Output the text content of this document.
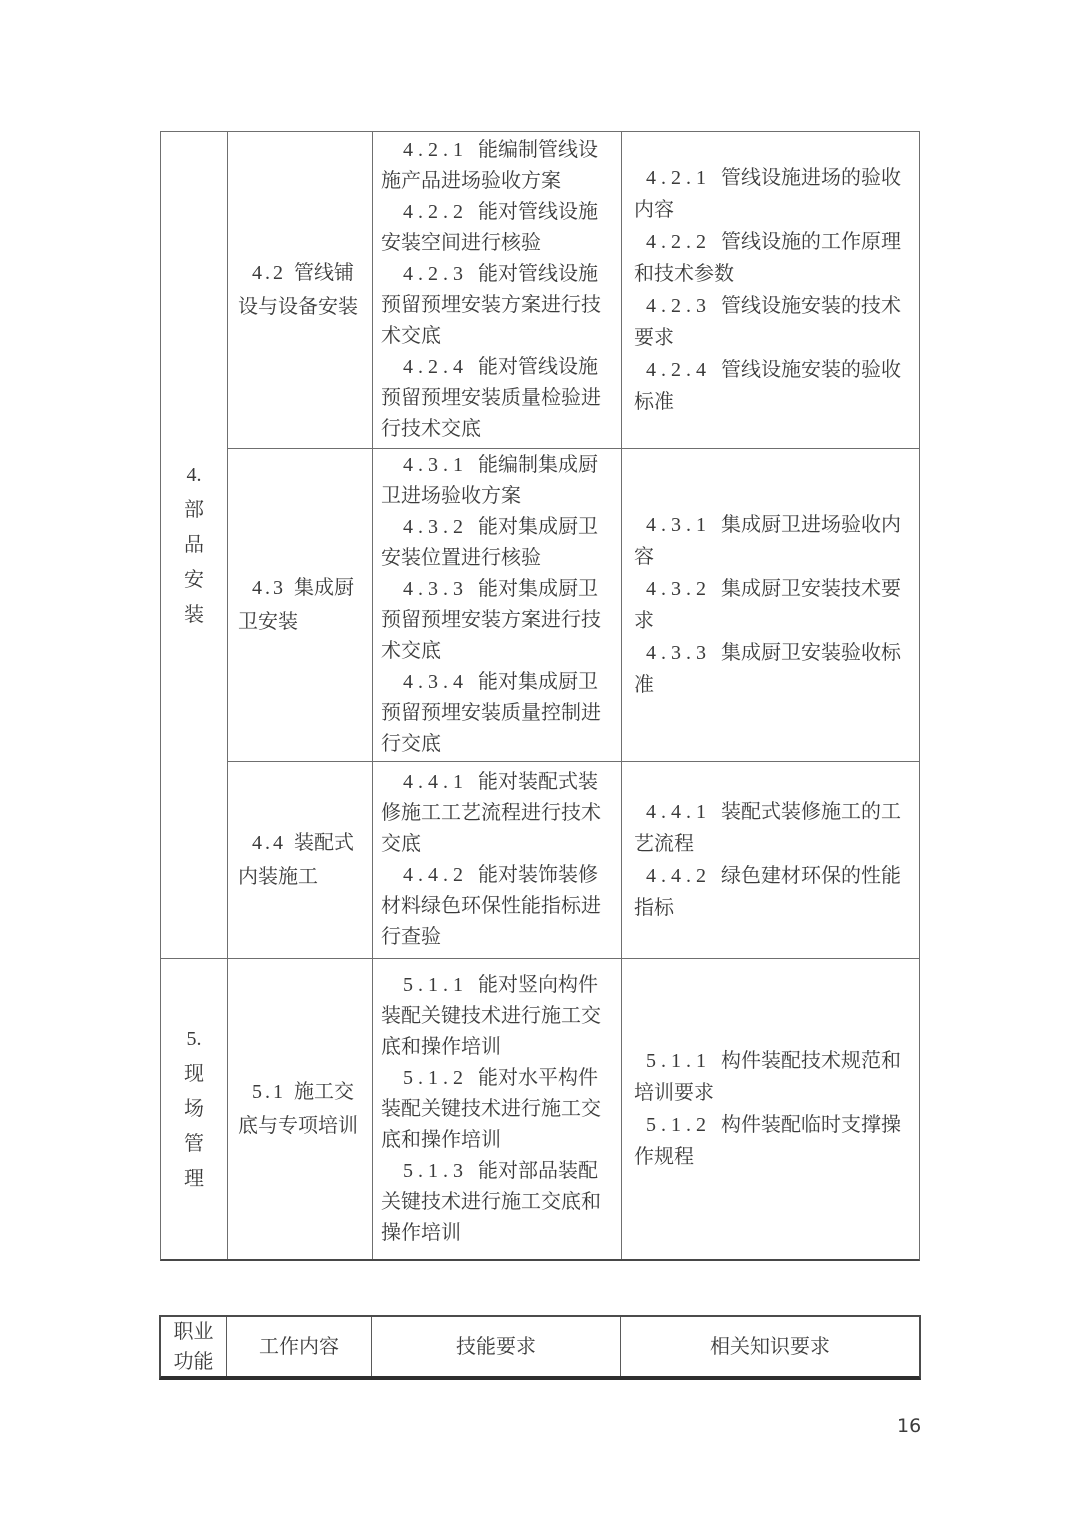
4.
部
品
安
装

4.2 管线铺设与设备安装

4.2.1 能编制管线设施产品进场验收方案

4.2.2 能对管线设施安装空间进行核验

4.2.3 能对管线设施预留预埋安装方案进行技术交底

4.2.4 能对管线设施预留预埋安装质量检验进行技术交底

4.2.1 管线设施进场的验收内容

4.2.2 管线设施的工作原理和技术参数

4.2.3 管线设施安装的技术要求

4.2.4 管线设施安装的验收标准

4.3 集成厨卫安装

4.3.1 能编制集成厨卫进场验收方案

4.3.2 能对集成厨卫安装位置进行核验

4.3.3 能对集成厨卫预留预埋安装方案进行技术交底

4.3.4 能对集成厨卫预留预埋安装质量控制进行交底

4.3.1 集成厨卫进场验收内容

4.3.2 集成厨卫安装技术要求

4.3.3 集成厨卫安装验收标准

4.4 装配式内装施工

4.4.1 能对装配式装修施工工艺流程进行技术交底

4.4.2 能对装饰装修材料绿色环保性能指标进行查验

4.4.1 装配式装修施工的工艺流程

4.4.2 绿色建材环保的性能指标

5.
现
场
管
理

5.1 施工交底与专项培训

5.1.1 能对竖向构件装配关键技术进行施工交底和操作培训

5.1.2 能对水平构件装配关键技术进行施工交底和操作培训

5.1.3 能对部品装配关键技术进行施工交底和操作培训

5.1.1 构件装配技术规范和培训要求

5.1.2 构件装配临时支撑操作规程

职业功能
工作内容	技能要求	相关知识要求
16
